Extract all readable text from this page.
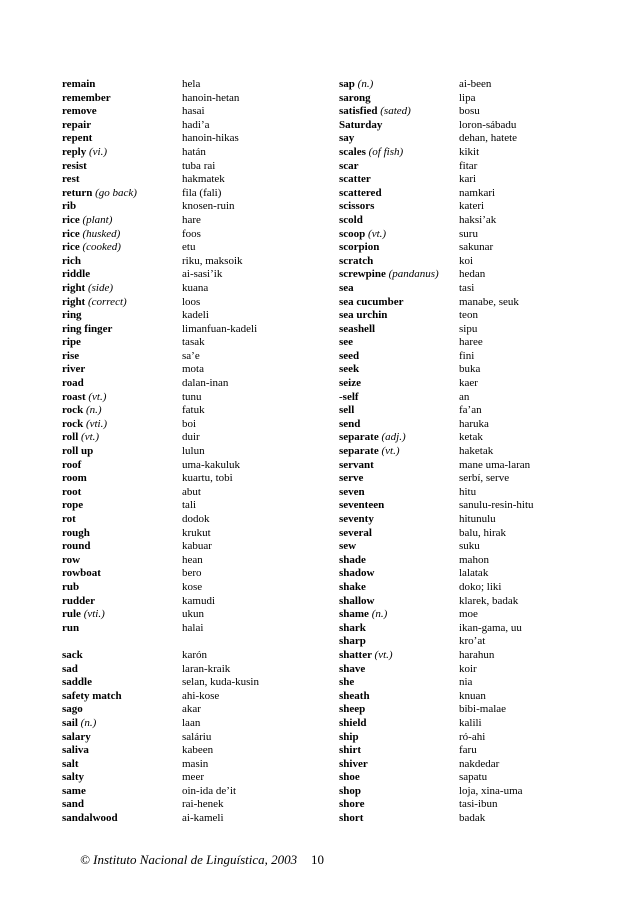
remain	hela
remember	hanoin-hetan
remove	hasai
repair	hadi’a
repent	hanoin-hikas
reply (vi.)	hatán
resist	tuba rai
rest	hakmatek
return (go back)	fila (fali)
rib	knosen-ruin
rice (plant)	hare
rice (husked)	foos
rice (cooked)	etu
rich	riku, maksoik
riddle	ai-sasi’ik
right (side)	kuana
right (correct)	loos
ring	kadeli
ring finger	limanfuan-kadeli
ripe	tasak
rise	sa’e
river	mota
road	dalan-inan
roast (vt.)	tunu
rock (n.)	fatuk
rock (vti.)	boi
roll (vt.)	duir
roll up	lulun
roof	uma-kakuluk
room	kuartu, tobi
root	abut
rope	tali
rot	dodok
rough	krukut
round	kabuar
row	hean
rowboat	bero
rub	kose
rudder	kamudi
rule (vti.)	ukun
run	halai
sack	karón
sad	laran-kraik
saddle	selan, kuda-kusin
safety match	ahi-kose
sago	akar
sail (n.)	laan
salary	saláriu
saliva	kabeen
salt	masin
salty	meer
same	oin-ida de’it
sand	rai-henek
sandalwood	ai-kameli
sap (n.)	ai-been
sarong	lipa
satisfied (sated)	bosu
Saturday	loron-sábadu
say	dehan, hatete
scales (of fish)	kikit
scar	fitar
scatter	kari
scattered	namkari
scissors	kateri
scold	haksi’ak
scoop (vt.)	suru
scorpion	sakunar
scratch	koi
screwpine (pandanus) hedan
sea	tasi
sea cucumber	manabe, seuk
sea urchin	teon
seashell	sipu
see	haree
seed	fini
seek	buka
seize	kaer
-self	an
sell	fa’an
send	haruka
separate (adj.)	ketak
separate (vt.)	haketak
servant	mane uma-laran
serve	serbí, serve
seven	hitu
seventeen	sanulu-resin-hitu
seventy	hitunulu
several	balu, hirak
sew	suku
shade	mahon
shadow	lalatak
shake	doko; liki
shallow	klarek, badak
shame (n.)	moe
shark	ikan-gama, uu
sharp	kro’at
shatter (vt.)	harahun
shave	koir
she	nia
sheath	knuan
sheep	bibi-malae
shield	kalili
ship	ró-ahi
shirt	faru
shiver	nakdedar
shoe	sapatu
shop	loja, xina-uma
shore	tasi-ibun
short	badak
© Instituto Nacional de Linguística, 2003 10
